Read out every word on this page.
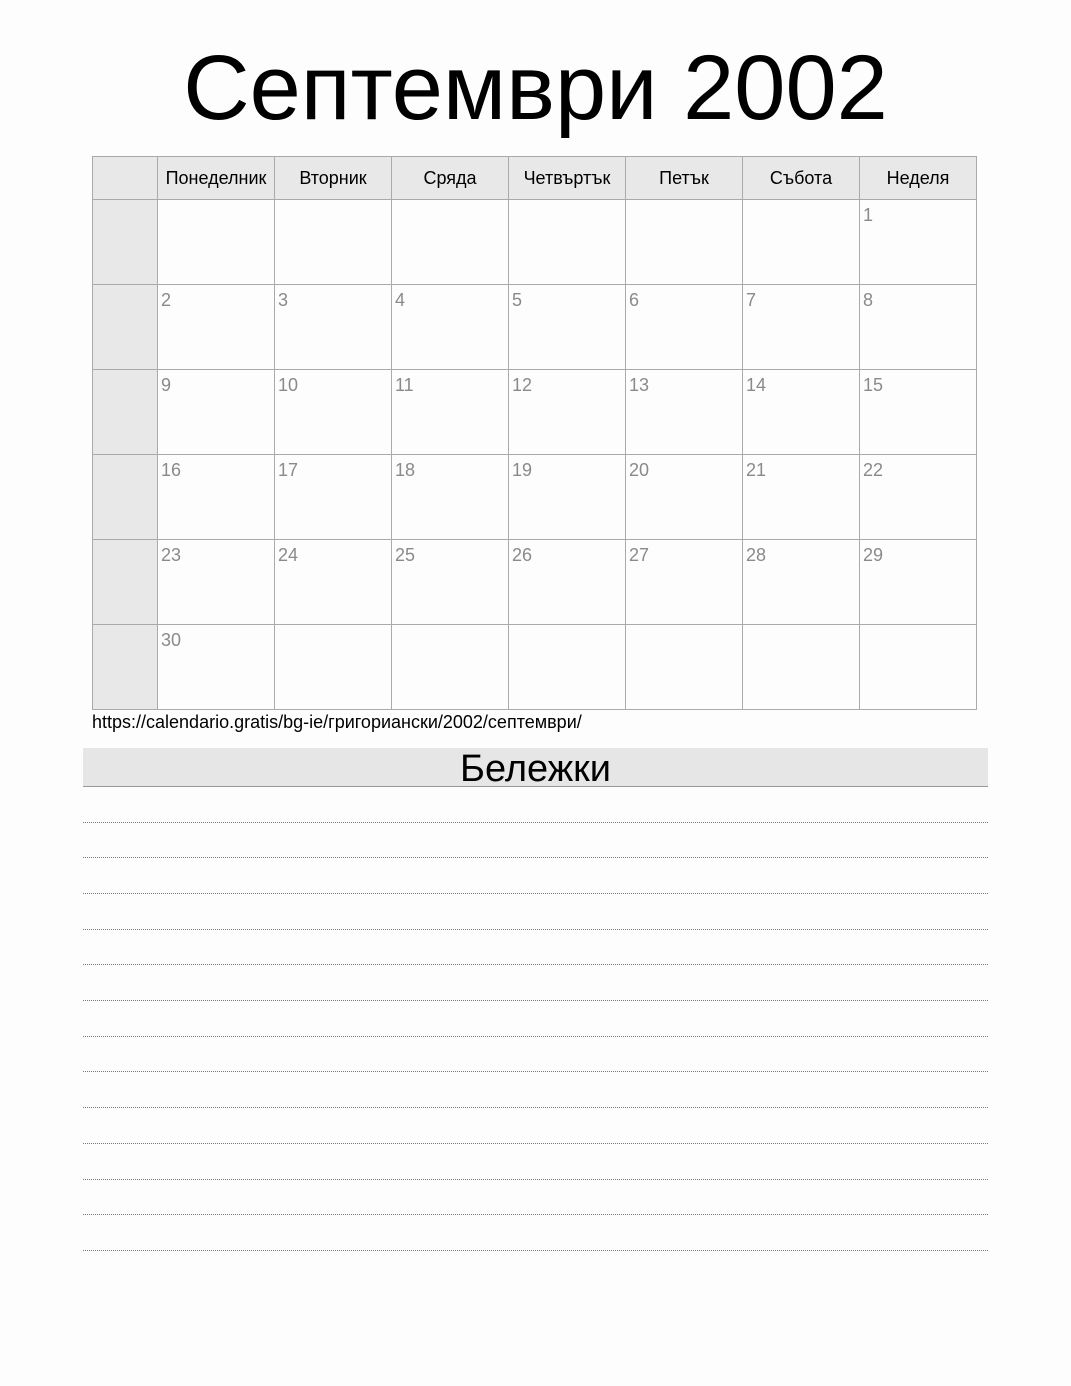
Септември 2002
	Понеделник	Вторник	Сряда	Четвъртък	Петък	Събота	Неделя

							1

	2	3	4	5	6	7	8

	9	10	11	12	13	14	15

	16	17	18	19	20	21	22

	23	24	25	26	27	28	29

	30						

https://calendario.gratis/bg-ie/григориански/2002/септември/
Бележки
